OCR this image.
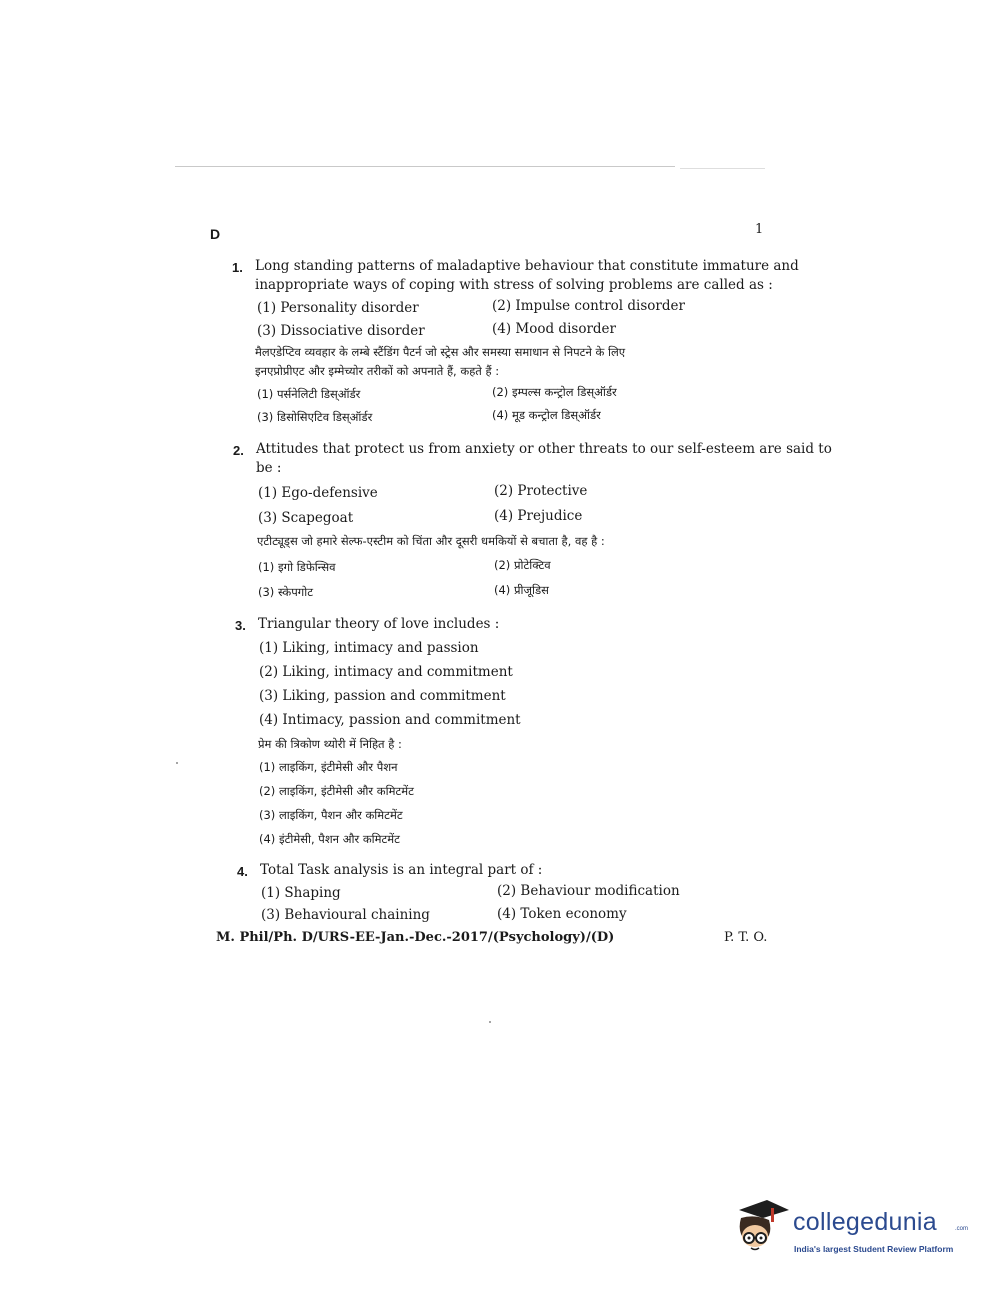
D	1
1. Long standing patterns of maladaptive behaviour that constitute immature and
inappropriate ways of coping with stress of solving problems are called as :
(1) Personality disorder	(2) Impulse control disorder
(3) Dissociative disorder	(4) Mood disorder
मैलएडेप्टिव व्यवहार के लम्बे स्टैंडिंग पैटर्न जो स्ट्रेस और समस्या समाधान से निपटने के लिए
इनएप्रोप्रीएट और इम्मेच्योर तरीकों को अपनाते हैं, कहते हैं :
(1) पर्सनेलिटी डिस्ऑर्डर	(2) इम्पल्स कन्ट्रोल डिस्ऑर्डर
(3) डिसोसिएटिव डिस्ऑर्डर	(4) मूड कन्ट्रोल डिस्ऑर्डर
2. Attitudes that protect us from anxiety or other threats to our self-esteem are said to
be :
(1) Ego-defensive	(2) Protective
(3) Scapegoat	(4) Prejudice
एटीट्यूड्स जो हमारे सेल्फ-एस्टीम को चिंता और दूसरी धमकियों से बचाता है, वह है :
(1) इगो डिफेन्सिव	(2) प्रोटेक्टिव
(3) स्केपगोट	(4) प्रीजूडिस
3. Triangular theory of love includes :
(1) Liking, intimacy and passion
(2) Liking, intimacy and commitment
(3) Liking, passion and commitment
(4) Intimacy, passion and commitment
प्रेम की त्रिकोण थ्योरी में निहित है :
(1) लाइकिंग, इंटीमेसी और पैशन
(2) लाइकिंग, इंटीमेसी और कमिटमेंट
(3) लाइकिंग, पैशन और कमिटमेंट
(4) इंटीमेसी, पैशन और कमिटमेंट
4. Total Task analysis is an integral part of :
(1) Shaping	(2) Behaviour modification
(3) Behavioural chaining	(4) Token economy
M. Phil/Ph. D/URS-EE-Jan.-Dec.-2017/(Psychology)/(D)	P. T. O.
collegedunia	.com
India's largest Student Review Platform
